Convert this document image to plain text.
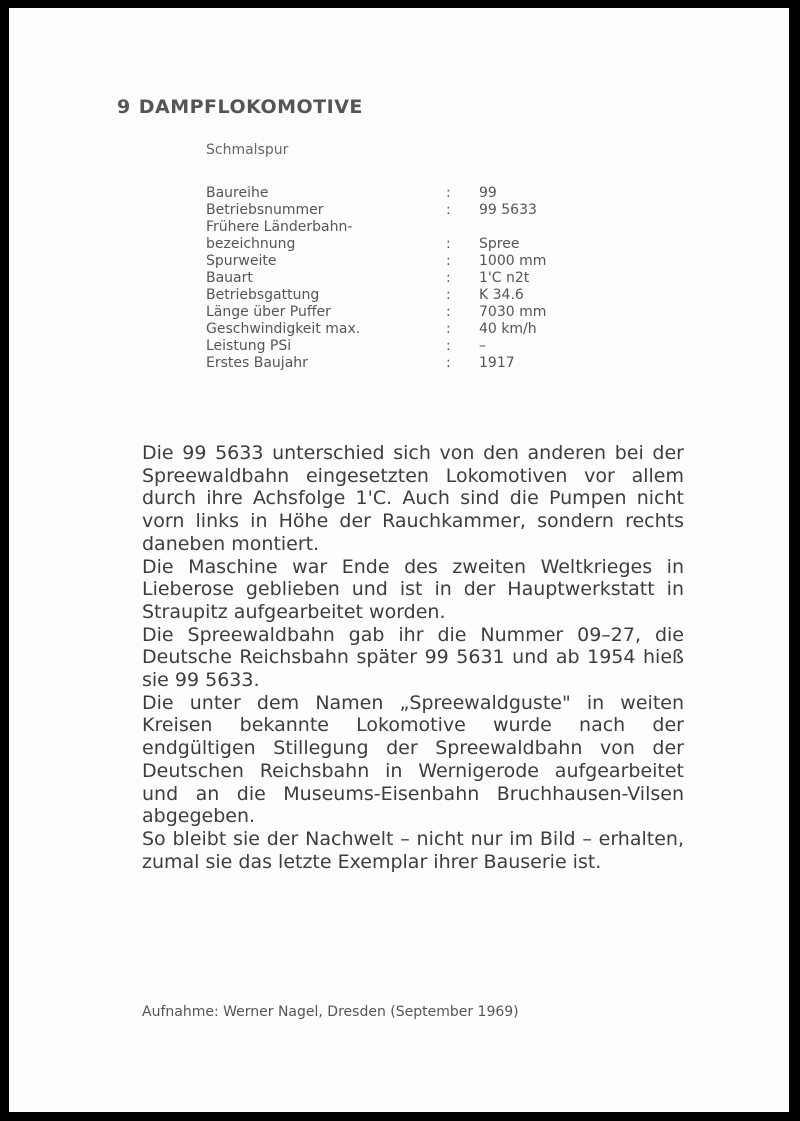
9 DAMPFLOKOMOTIVE
Schmalspur
Baureihe	:	99
Betriebsnummer	:	99 5633
Frühere Länderbahn-
bezeichnung	:	Spree
Spurweite	:	1000 mm
Bauart	:	1'C n2t
Betriebsgattung	:	K 34.6
Länge über Puffer	:	7030 mm
Geschwindigkeit max.	:	40 km/h
Leistung PSi	:	–
Erstes Baujahr	:	1917

Die 99 5633 unterschied sich von den anderen bei der Spreewaldbahn eingesetzten Lokomotiven vor allem durch ihre Achsfolge 1'C. Auch sind die Pumpen nicht vorn links in Höhe der Rauchkammer, sondern rechts daneben montiert.

Die Maschine war Ende des zweiten Weltkrieges in Lieberose geblieben und ist in der Hauptwerkstatt in Straupitz aufgearbeitet worden.

Die Spreewaldbahn gab ihr die Nummer 09–27, die Deutsche Reichsbahn später 99 5631 und ab 1954 hieß sie 99 5633.

Die unter dem Namen „Spreewaldguste" in weiten Kreisen bekannte Lokomotive wurde nach der endgültigen Stillegung der Spreewaldbahn von der Deutschen Reichsbahn in Wernigerode aufgearbeitet und an die Museums-Eisenbahn Bruchhausen-Vilsen abgegeben.

So bleibt sie der Nachwelt – nicht nur im Bild – erhalten, zumal sie das letzte Exemplar ihrer Bauserie ist.

Aufnahme: Werner Nagel, Dresden (September 1969)
